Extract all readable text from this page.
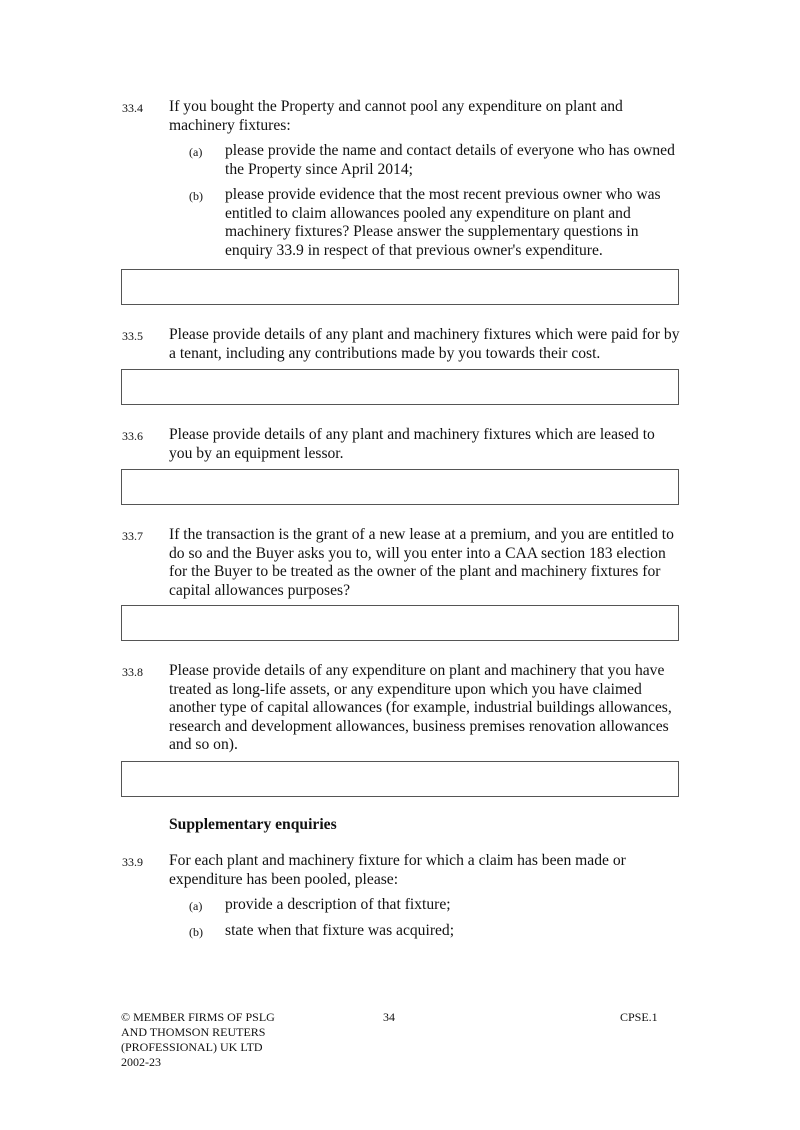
33.4 If you bought the Property and cannot pool any expenditure on plant and machinery fixtures:
(a) please provide the name and contact details of everyone who has owned the Property since April 2014;
(b) please provide evidence that the most recent previous owner who was entitled to claim allowances pooled any expenditure on plant and machinery fixtures? Please answer the supplementary questions in enquiry 33.9 in respect of that previous owner's expenditure.
33.5 Please provide details of any plant and machinery fixtures which were paid for by a tenant, including any contributions made by you towards their cost.
33.6 Please provide details of any plant and machinery fixtures which are leased to you by an equipment lessor.
33.7 If the transaction is the grant of a new lease at a premium, and you are entitled to do so and the Buyer asks you to, will you enter into a CAA section 183 election for the Buyer to be treated as the owner of the plant and machinery fixtures for capital allowances purposes?
33.8 Please provide details of any expenditure on plant and machinery that you have treated as long-life assets, or any expenditure upon which you have claimed another type of capital allowances (for example, industrial buildings allowances, research and development allowances, business premises renovation allowances and so on).
Supplementary enquiries
33.9 For each plant and machinery fixture for which a claim has been made or expenditure has been pooled, please:
(a) provide a description of that fixture;
(b) state when that fixture was acquired;
© MEMBER FIRMS OF PSLG
AND THOMSON REUTERS
(PROFESSIONAL) UK LTD
2002-23
34	CPSE.1
